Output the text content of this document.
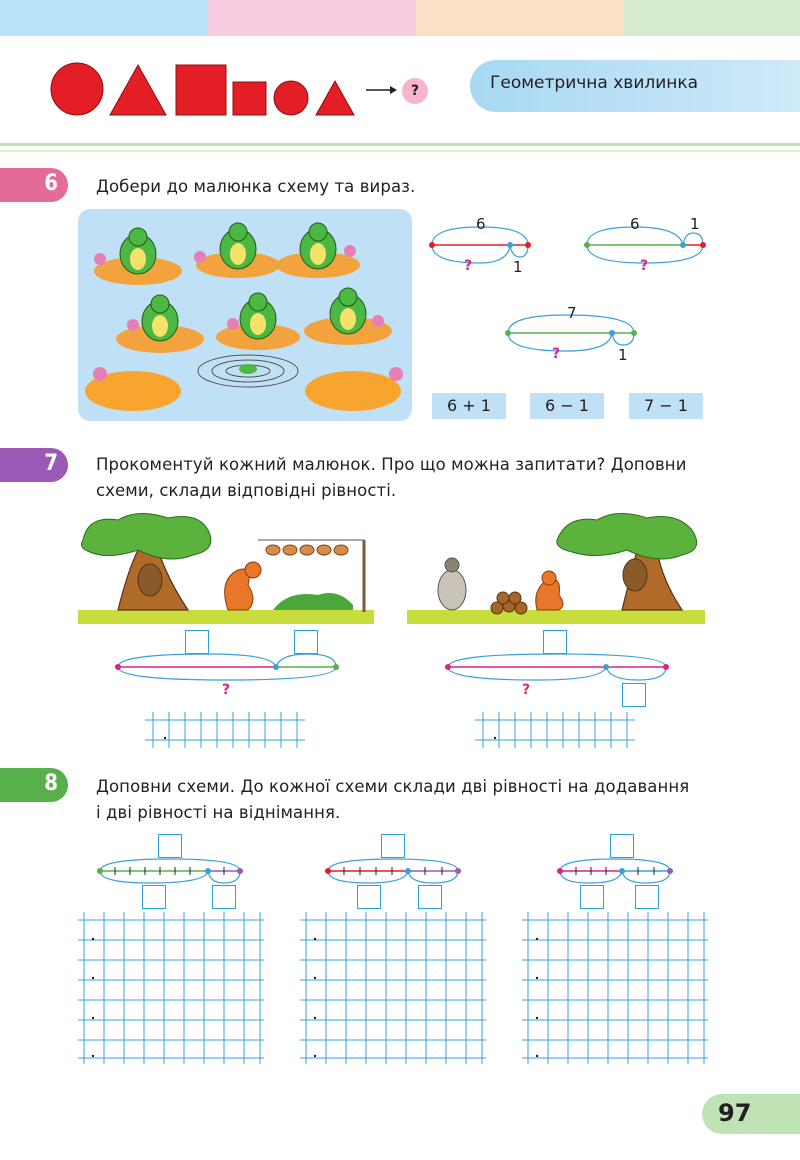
?	Геометрична хвилинка
6 Добери до малюнка схему та вираз.
6
?	1
6	1
?
7
?	1
6 + 1	6 − 1	7 − 1
7 Прокоментуй кожний малюнок. Про що можна запитати? Доповни
схеми, склади відповідні рівності.
?	?
8 Доповни схеми. До кожної схеми склади дві рівності на додавання
і дві рівності на віднімання.
97
